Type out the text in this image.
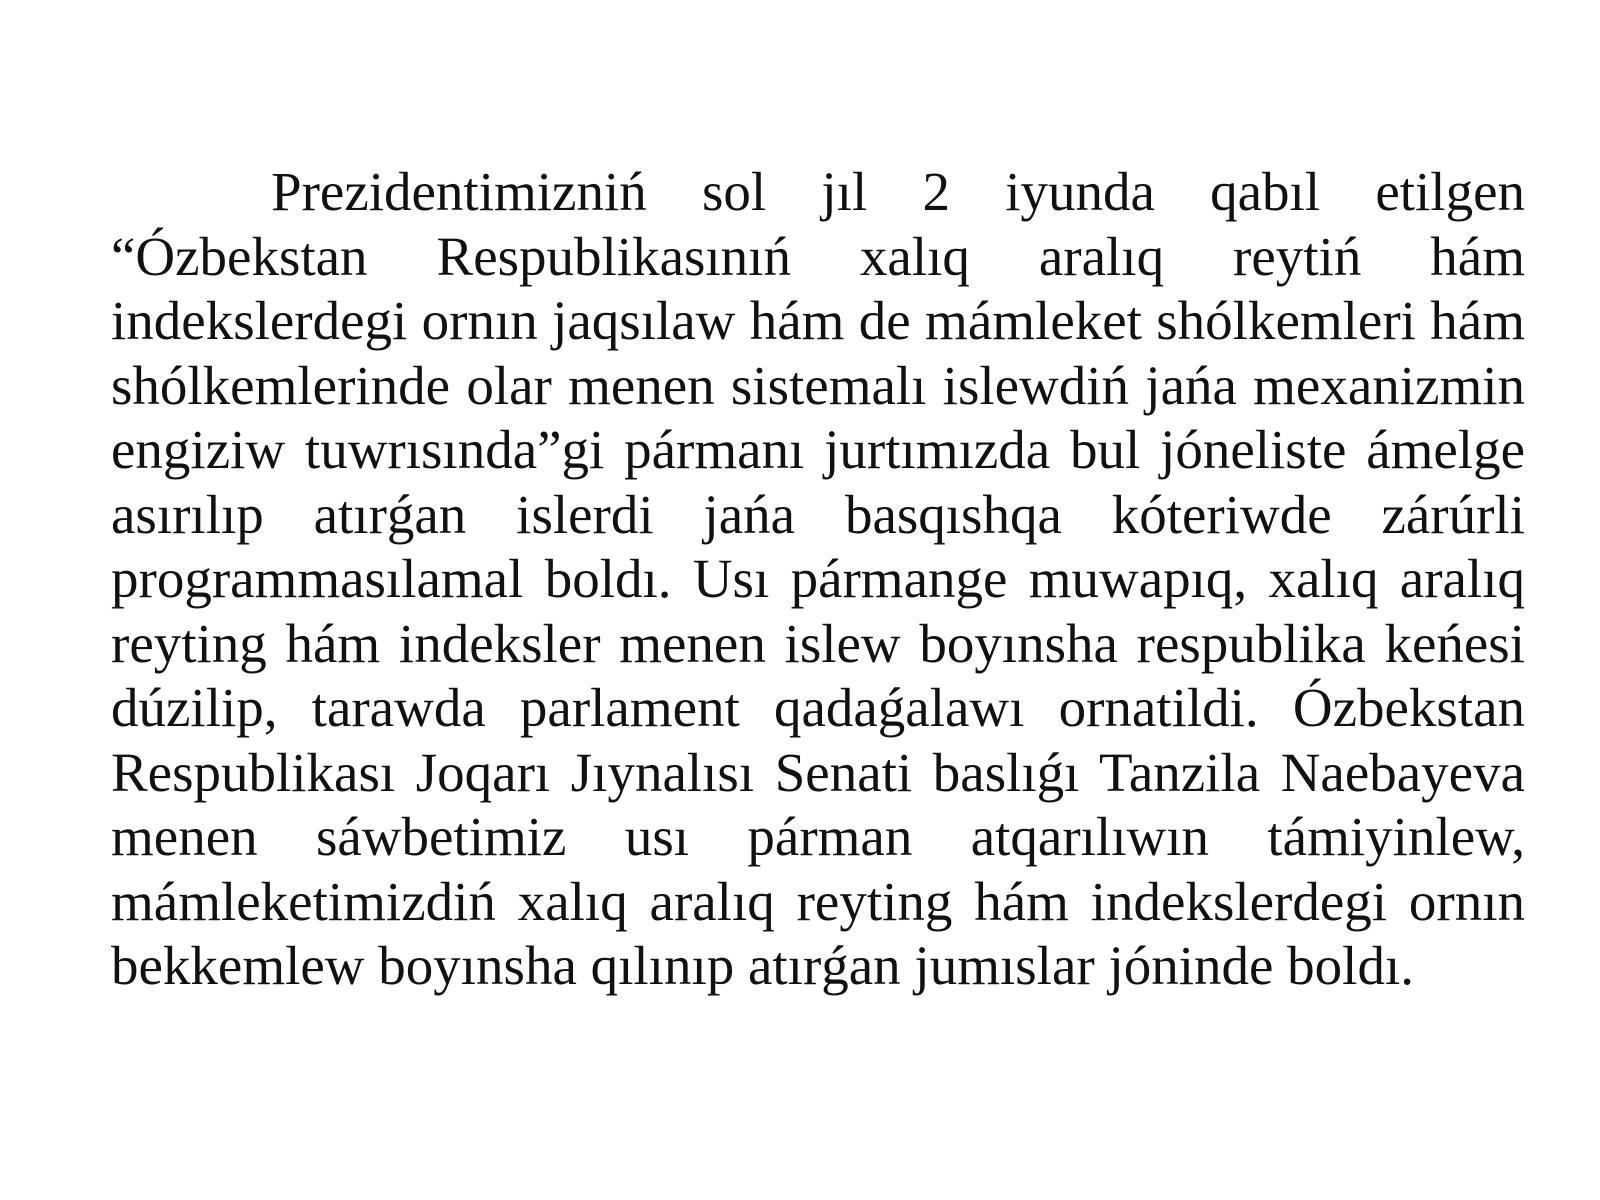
Prezidentimizniń sol jıl 2 iyunda qabıl etilgen “Ózbekstan Respublikasınıń xalıq aralıq reytiń hám indekslerdegi ornın jaqsılaw hám de mámleket shólkemleri hám shólkemlerinde olar menen sistemalı islewdiń jańa mexanizmin engiziw tuwrısında”gi pármanı jurtımızda bul jóneliste ámelge asırılıp atırǵan islerdi jańa basqıshqa kóteriwde zárúrli programmasılamal boldı. Usı pármange muwapıq, xalıq aralıq reyting hám indeksler menen islew boyınsha respublika keńesi dúzilip, tarawda parlament qadaǵalawı ornatildi. Ózbekstan Respublikası Joqarı Jıynalısı Senati baslıǵı Tanzila Naebayeva menen sáwbetimiz usı párman atqarılıwın támiyinlew, mámleketimizdiń xalıq aralıq reyting hám indekslerdegi ornın bekkemlew boyınsha qılınıp atırǵan jumıslar jóninde boldı.
